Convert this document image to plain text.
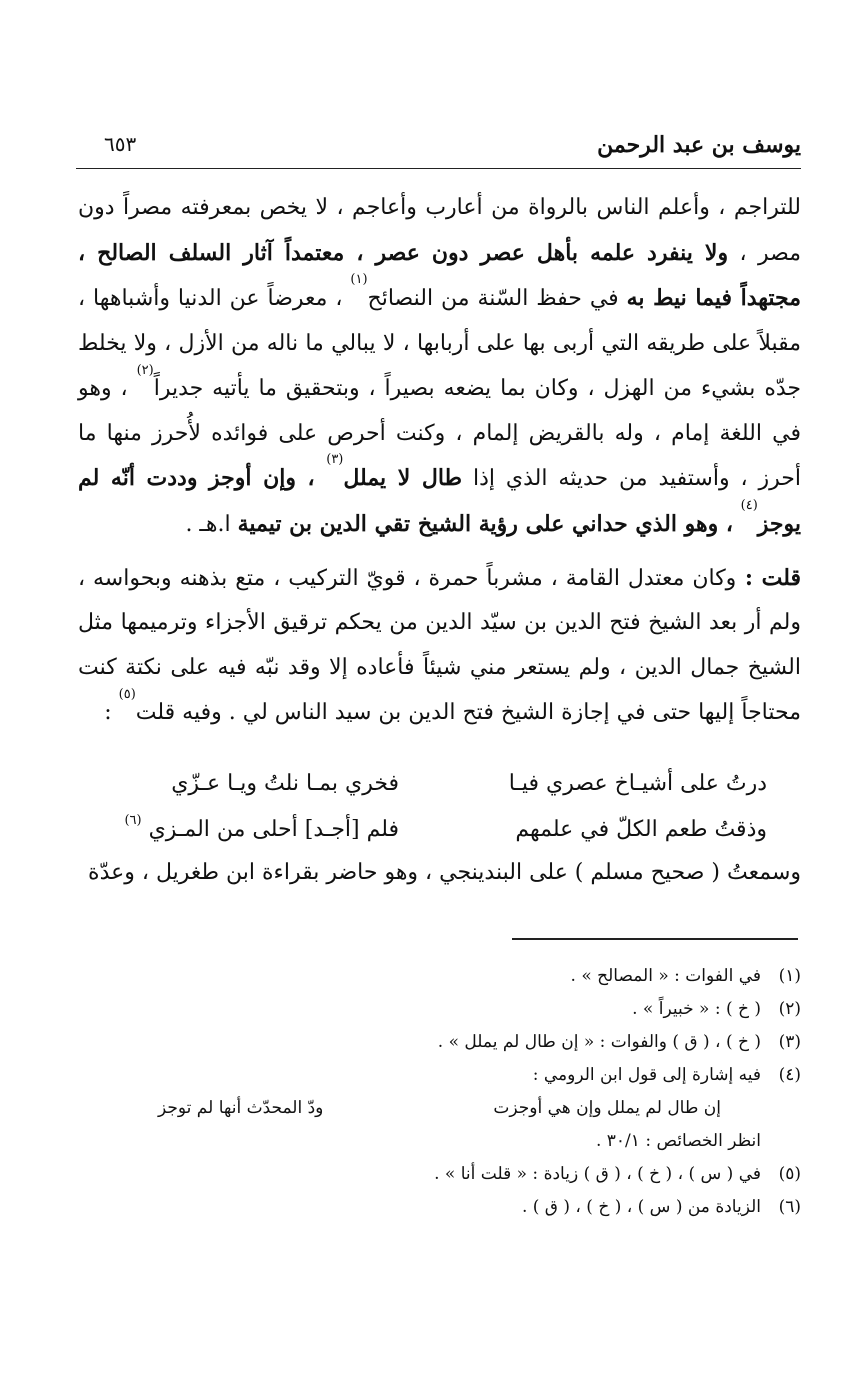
يوسف بن عبد الرحمن
٦٥٣

للتراجم ، وأعلم الناس بالرواة من أعارب وأعاجم ، لا يخص بمعرفته مصراً دون مصر ، ولا ينفرد علمه بأهل عصر دون عصر ، معتمداً آثار السلف الصالح ، مجتهداً فيما نيط به في حفظ السّنة من النصائح$^{(١)}$ ، معرضاً عن الدنيا وأشباهها ، مقبلاً على طريقه التي أربى بها على أربابها ، لا يبالي ما ناله من الأزل ، ولا يخلط جدّه بشيء من الهزل ، وكان بما يضعه بصيراً ، وبتحقيق ما يأتيه جديراً$^{(٢)}$ ، وهو في اللغة إمام ، وله بالقريض إلمام ، وكنت أحرص على فوائده لأُحرز منها ما أحرز ، وأستفيد من حديثه الذي إذا طال لا يملل$^{(٣)}$ ، وإن أوجز وددت أنّه لم يوجز$^{(٤)}$ ، وهو الذي حداني على رؤية الشيخ تقي الدين بن تيمية ا.هـ .

قلت : وكان معتدل القامة ، مشرباً حمرة ، قويّ التركيب ، متع بذهنه وبحواسه ، ولم أر بعد الشيخ فتح الدين بن سيّد الدين من يحكم ترقيق الأجزاء وترميمها مثل الشيخ جمال الدين ، ولم يستعر مني شيئاً فأعاده إلا وقد نبّه فيه على نكتة كنت محتاجاً إليها حتى في إجازة الشيخ فتح الدين بن سيد الناس لي . وفيه قلت$^{(٥)}$ :

درتُ على أشيـاخ عصري فيـا
فخري بمـا نلتُ ويـا عـزّي
وذقتُ طعم الكلّ في علمهم
فلم [أجـد] أحلى من المـزي $^{(٦)}$
وسمعتُ ( صحيح مسلم ) على البندينجي ، وهو حاضر بقراءة ابن طغريل ، وعدّة
(١)
في الفوات : « المصالح » .
(٢)
( خ ) : « خبيراً » .
(٣)
( خ ) ، ( ق ) والفوات : « إن طال لم يملل » .
(٤)
فيه إشارة إلى قول ابن الرومي :
إن طال لم يملل وإن هي أوجزت
ودّ المحدّث أنها لم توجز
انظر الخصائص : ٣٠/١ .
(٥)
في ( س ) ، ( خ ) ، ( ق ) زيادة : « قلت أنا » .
(٦)
الزيادة من ( س ) ، ( خ ) ، ( ق ) .
